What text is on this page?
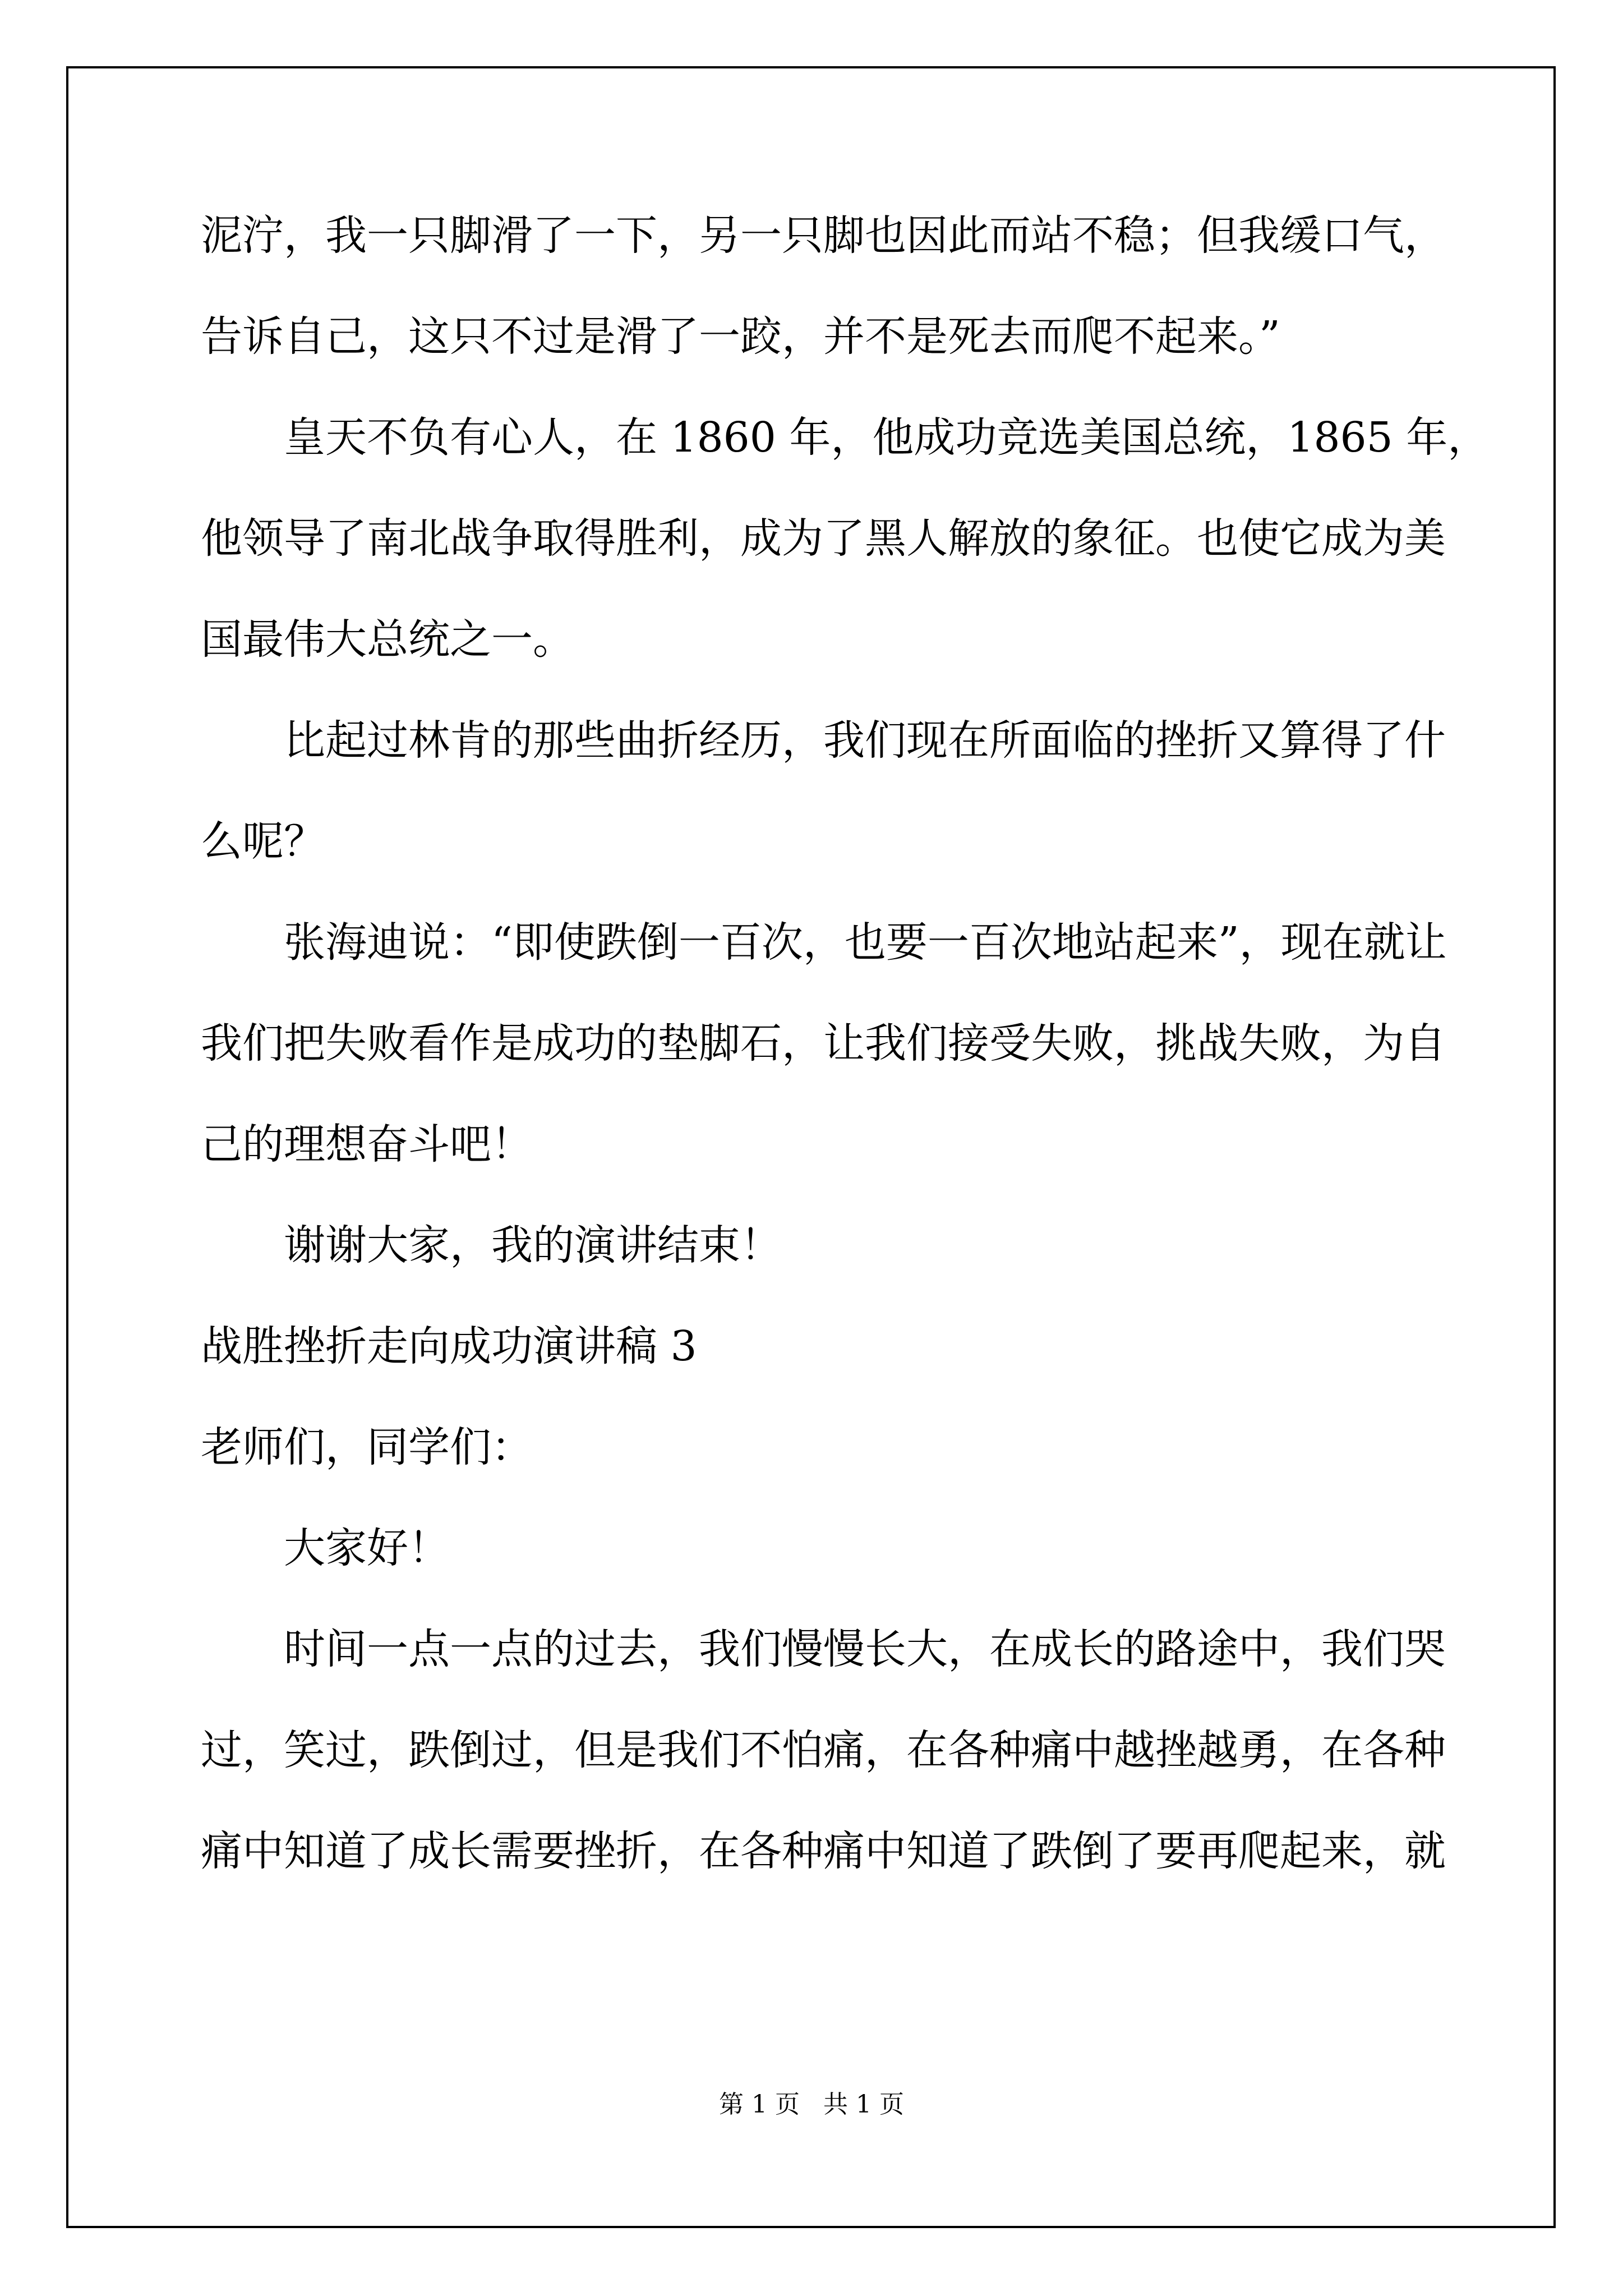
泥泞，我一只脚滑了一下，另一只脚也因此而站不稳；但我缓口气，
告诉自己，这只不过是滑了一跤，并不是死去而爬不起来。”
皇天不负有心人，在 1860 年，他成功竞选美国总统，1865 年，
他领导了南北战争取得胜利，成为了黑人解放的象征。也使它成为美
国最伟大总统之一。
比起过林肯的那些曲折经历，我们现在所面临的挫折又算得了什
么呢？
张海迪说：“即使跌倒一百次，也要一百次地站起来”，现在就让
我们把失败看作是成功的垫脚石，让我们接受失败，挑战失败，为自
己的理想奋斗吧！
谢谢大家，我的演讲结束！
战胜挫折走向成功演讲稿 3
老师们，同学们：
大家好！
时间一点一点的过去，我们慢慢长大，在成长的路途中，我们哭
过，笑过，跌倒过，但是我们不怕痛，在各种痛中越挫越勇，在各种
痛中知道了成长需要挫折，在各种痛中知道了跌倒了要再爬起来，就
第 1 页   共 1 页
